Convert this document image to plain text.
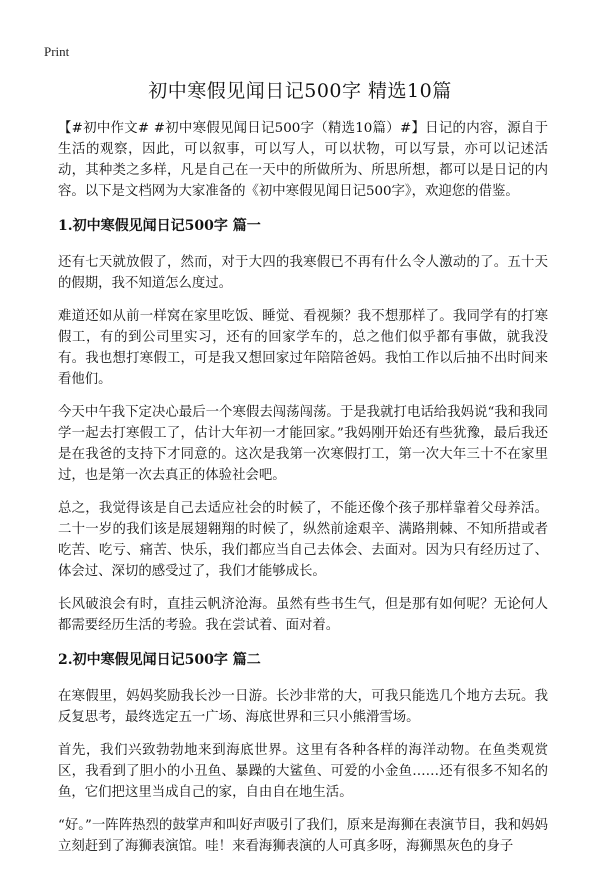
Print
初中寒假见闻日记500字 精选10篇

【#初中作文# #初中寒假见闻日记500字（精选10篇）#】日记的内容，源自于生活的观察，因此，可以叙事，可以写人，可以状物，可以写景，亦可以记述活动，其种类之多样，凡是自己在一天中的所做所为、所思所想，都可以是日记的内容。以下是文档网为大家准备的《初中寒假见闻日记500字》，欢迎您的借鉴。

1.初中寒假见闻日记500字 篇一

还有七天就放假了，然而，对于大四的我寒假已不再有什么令人激动的了。五十天的假期，我不知道怎么度过。

难道还如从前一样窝在家里吃饭、睡觉、看视频？我不想那样了。我同学有的打寒假工，有的到公司里实习，还有的回家学车的，总之他们似乎都有事做，就我没有。我也想打寒假工，可是我又想回家过年陪陪爸妈。我怕工作以后抽不出时间来看他们。

今天中午我下定决心最后一个寒假去闯荡闯荡。于是我就打电话给我妈说“我和我同学一起去打寒假工了，估计大年初一才能回家。”我妈刚开始还有些犹豫，最后我还是在我爸的支持下才同意的。这次是我第一次寒假打工，第一次大年三十不在家里过，也是第一次去真正的体验社会吧。

总之，我觉得该是自己去适应社会的时候了，不能还像个孩子那样靠着父母养活。二十一岁的我们该是展翅翱翔的时候了，纵然前途艰辛、满路荆棘、不知所措或者吃苦、吃亏、痛苦、快乐，我们都应当自己去体会、去面对。因为只有经历过了、体会过、深切的感受过了，我们才能够成长。

长风破浪会有时，直挂云帆济沧海。虽然有些书生气，但是那有如何呢？无论何人都需要经历生活的考验。我在尝试着、面对着。

2.初中寒假见闻日记500字 篇二

在寒假里，妈妈奖励我长沙一日游。长沙非常的大，可我只能选几个地方去玩。我反复思考，最终选定五一广场、海底世界和三只小熊滑雪场。

首先，我们兴致勃勃地来到海底世界。这里有各种各样的海洋动物。在鱼类观赏区，我看到了胆小的小丑鱼、暴躁的大鲨鱼、可爱的小金鱼……还有很多不知名的鱼，它们把这里当成自己的家，自由自在地生活。

“好。”一阵阵热烈的鼓掌声和叫好声吸引了我们，原来是海狮在表演节目，我和妈妈立刻赶到了海狮表演馆。哇！来看海狮表演的人可真多呀，海狮黑灰色的身子
